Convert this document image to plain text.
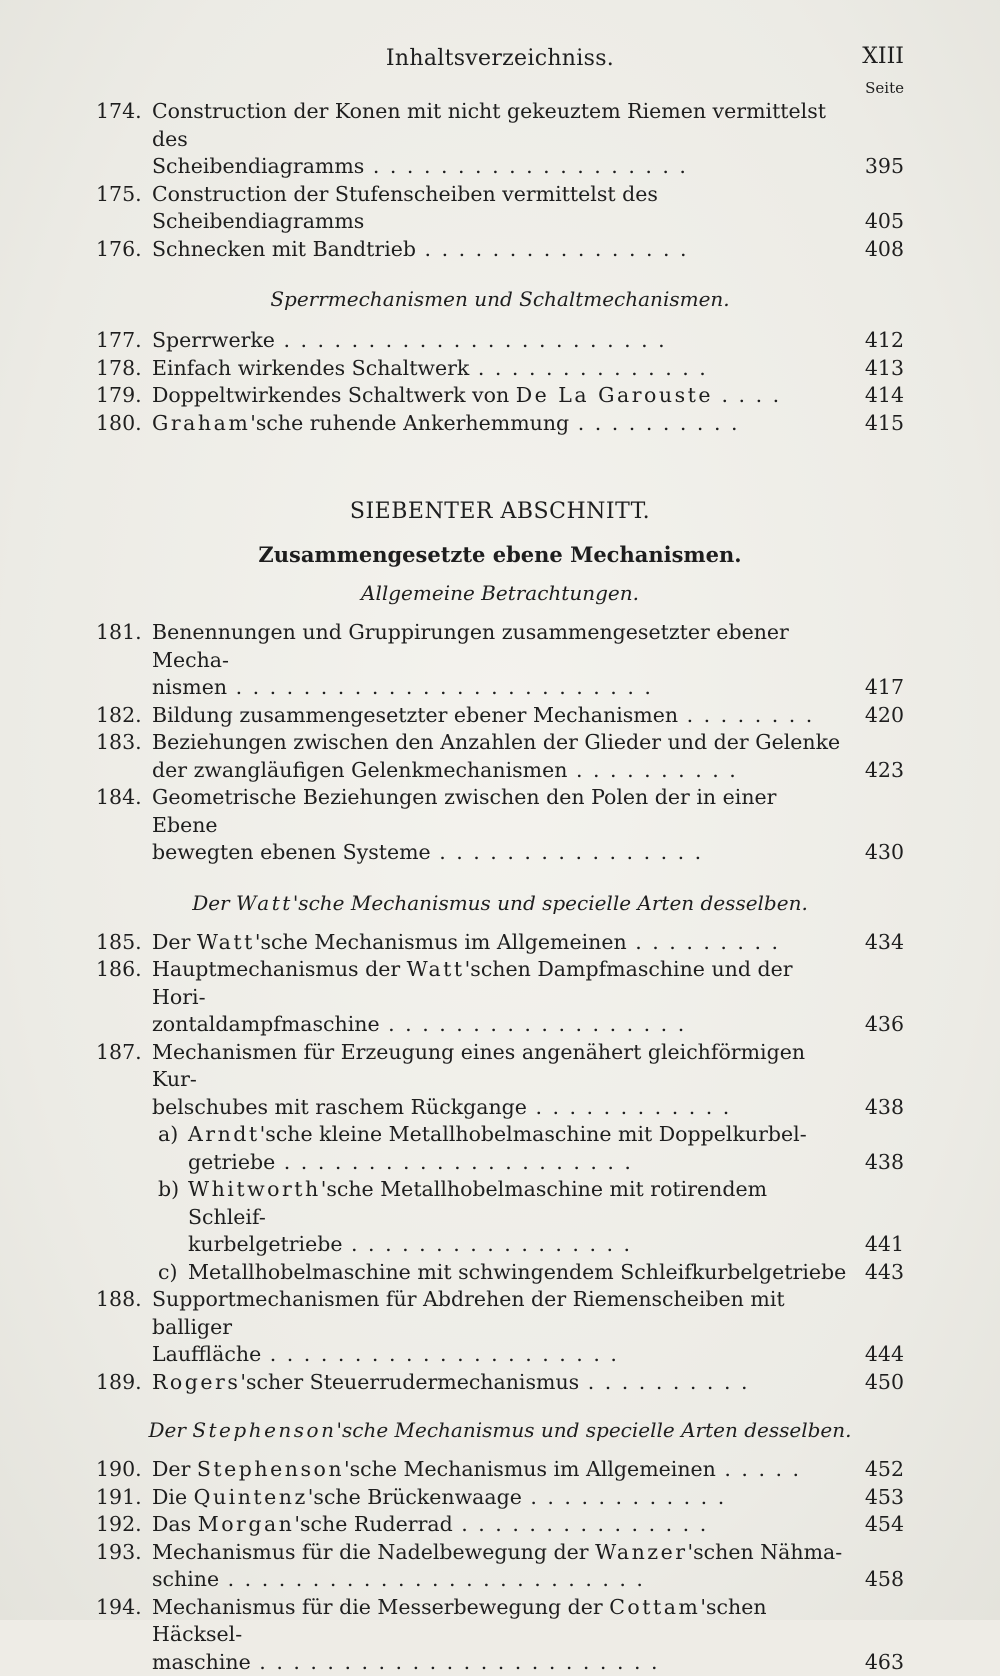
Inhaltsverzeichniss.	XIII
Seite
174. Construction der Konen mit nicht gekeuztem Riemen vermittelst des
Scheibendiagramms . . . . . . . . . . . . . . . . . . .	395
175. Construction der Stufenscheiben vermittelst des Scheibendiagramms	405
176. Schnecken mit Bandtrieb . . . . . . . . . . . . . . . .	408
Sperrmechanismen und Schaltmechanismen.
177. Sperrwerke . . . . . . . . . . . . . . . . . . . . . . .	412
178. Einfach wirkendes Schaltwerk . . . . . . . . . . . . . .	413
179. Doppeltwirkendes Schaltwerk von De La Garouste . . . .	414
180. Graham'sche ruhende Ankerhemmung . . . . . . . . . .	415
SIEBENTER ABSCHNITT.
Zusammengesetzte ebene Mechanismen.
Allgemeine Betrachtungen.
181. Benennungen und Gruppirungen zusammengesetzter ebener Mecha-
nismen . . . . . . . . . . . . . . . . . . . . . . . . .	417
182. Bildung zusammengesetzter ebener Mechanismen . . . . . . . .	420
183. Beziehungen zwischen den Anzahlen der Glieder und der Gelenke
der zwangläufigen Gelenkmechanismen . . . . . . . . . .	423
184. Geometrische Beziehungen zwischen den Polen der in einer Ebene
bewegten ebenen Systeme . . . . . . . . . . . . . . . .	430
Der Watt'sche Mechanismus und specielle Arten desselben.
185. Der Watt'sche Mechanismus im Allgemeinen . . . . . . . . .	434
186. Hauptmechanismus der Watt'schen Dampfmaschine und der Hori-
zontaldampfmaschine . . . . . . . . . . . . . . . . . .	436
187. Mechanismen für Erzeugung eines angenähert gleichförmigen Kur-
belschubes mit raschem Rückgange . . . . . . . . . . . .	438
a) Arndt'sche kleine Metallhobelmaschine mit Doppelkurbel-
getriebe . . . . . . . . . . . . . . . . . . . . .	438
b) Whitworth'sche Metallhobelmaschine mit rotirendem Schleif-
kurbelgetriebe . . . . . . . . . . . . . . . . .	441
c) Metallhobelmaschine mit schwingendem Schleifkurbelgetriebe 443
188. Supportmechanismen für Abdrehen der Riemenscheiben mit balliger
Lauffläche . . . . . . . . . . . . . . . . . . . . .	444
189. Rogers'scher Steuerrudermechanismus . . . . . . . . . .	450
Der Stephenson'sche Mechanismus und specielle Arten desselben.
190. Der Stephenson'sche Mechanismus im Allgemeinen . . . . .	452
191. Die Quintenz'sche Brückenwaage . . . . . . . . . . . .	453
192. Das Morgan'sche Ruderrad . . . . . . . . . . . . . . .	454
193. Mechanismus für die Nadelbewegung der Wanzer'schen Nähma-
schine . . . . . . . . . . . . . . . . . . . . . . . . .	458
194. Mechanismus für die Messerbewegung der Cottam'schen Häcksel-
maschine . . . . . . . . . . . . . . . . . . . . . . . .	463
